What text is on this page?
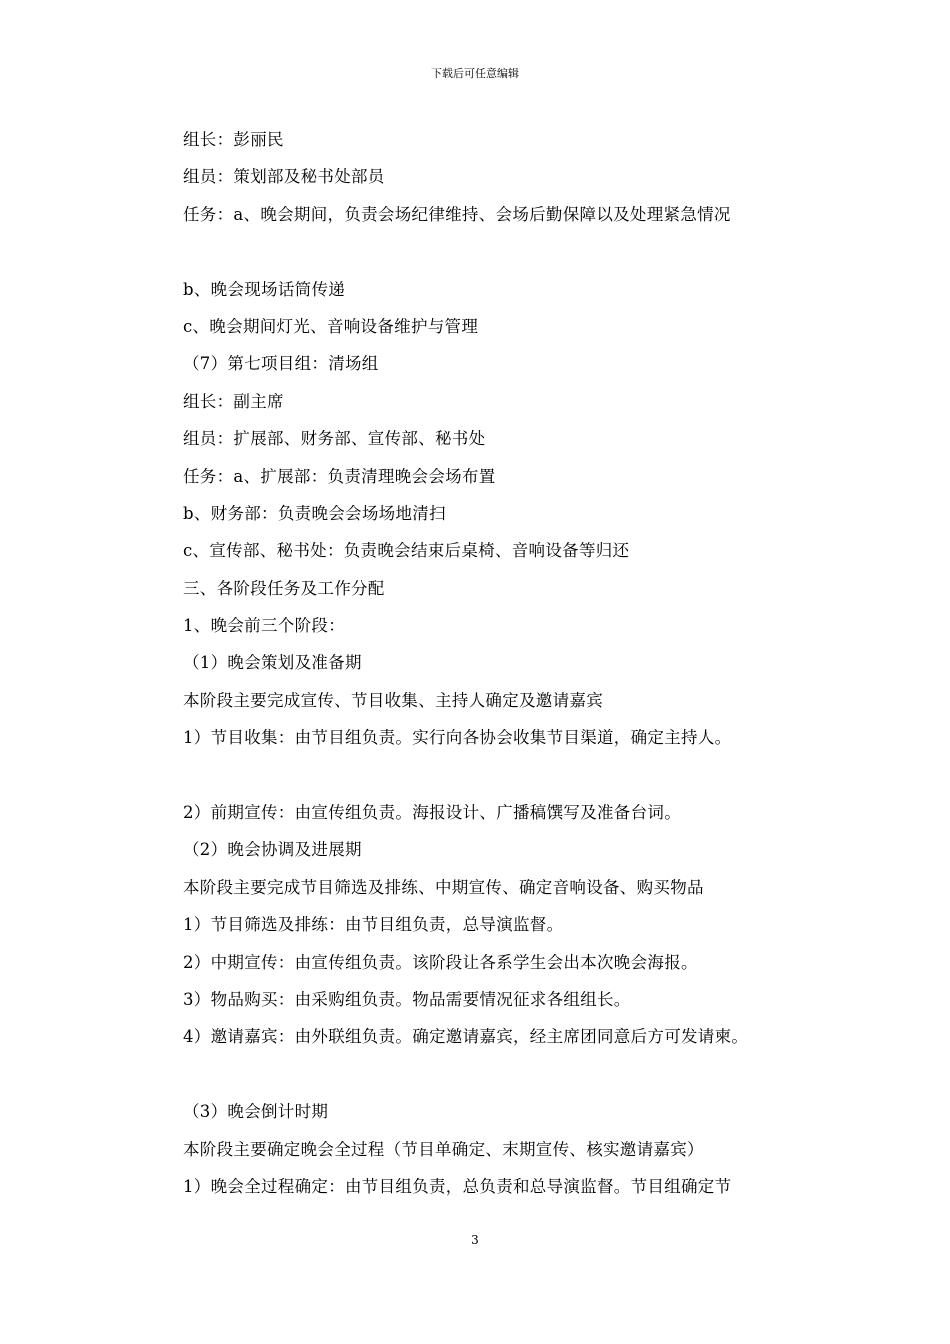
下载后可任意编辑
组长：彭丽民
组员：策划部及秘书处部员
任务：a、晚会期间，负责会场纪律维持、会场后勤保障以及处理紧急情况
b、晚会现场话筒传递
c、晚会期间灯光、音响设备维护与管理
（7）第七项目组：清场组
组长：副主席
组员：扩展部、财务部、宣传部、秘书处
任务：a、扩展部：负责清理晚会会场布置
b、财务部：负责晚会会场场地清扫
c、宣传部、秘书处：负责晚会结束后桌椅、音响设备等归还
三、各阶段任务及工作分配
1、晚会前三个阶段：
（1）晚会策划及准备期
本阶段主要完成宣传、节目收集、主持人确定及邀请嘉宾
1）节目收集：由节目组负责。实行向各协会收集节目渠道，确定主持人。
2）前期宣传：由宣传组负责。海报设计、广播稿馔写及准备台词。
（2）晚会协调及进展期
本阶段主要完成节目筛选及排练、中期宣传、确定音响设备、购买物品
1）节目筛选及排练：由节目组负责，总导演监督。
2）中期宣传：由宣传组负责。该阶段让各系学生会出本次晚会海报。
3）物品购买：由采购组负责。物品需要情况征求各组组长。
4）邀请嘉宾：由外联组负责。确定邀请嘉宾，经主席团同意后方可发请柬。
（3）晚会倒计时期
本阶段主要确定晚会全过程（节目单确定、末期宣传、核实邀请嘉宾）
1）晚会全过程确定：由节目组负责，总负责和总导演监督。节目组确定节
3
